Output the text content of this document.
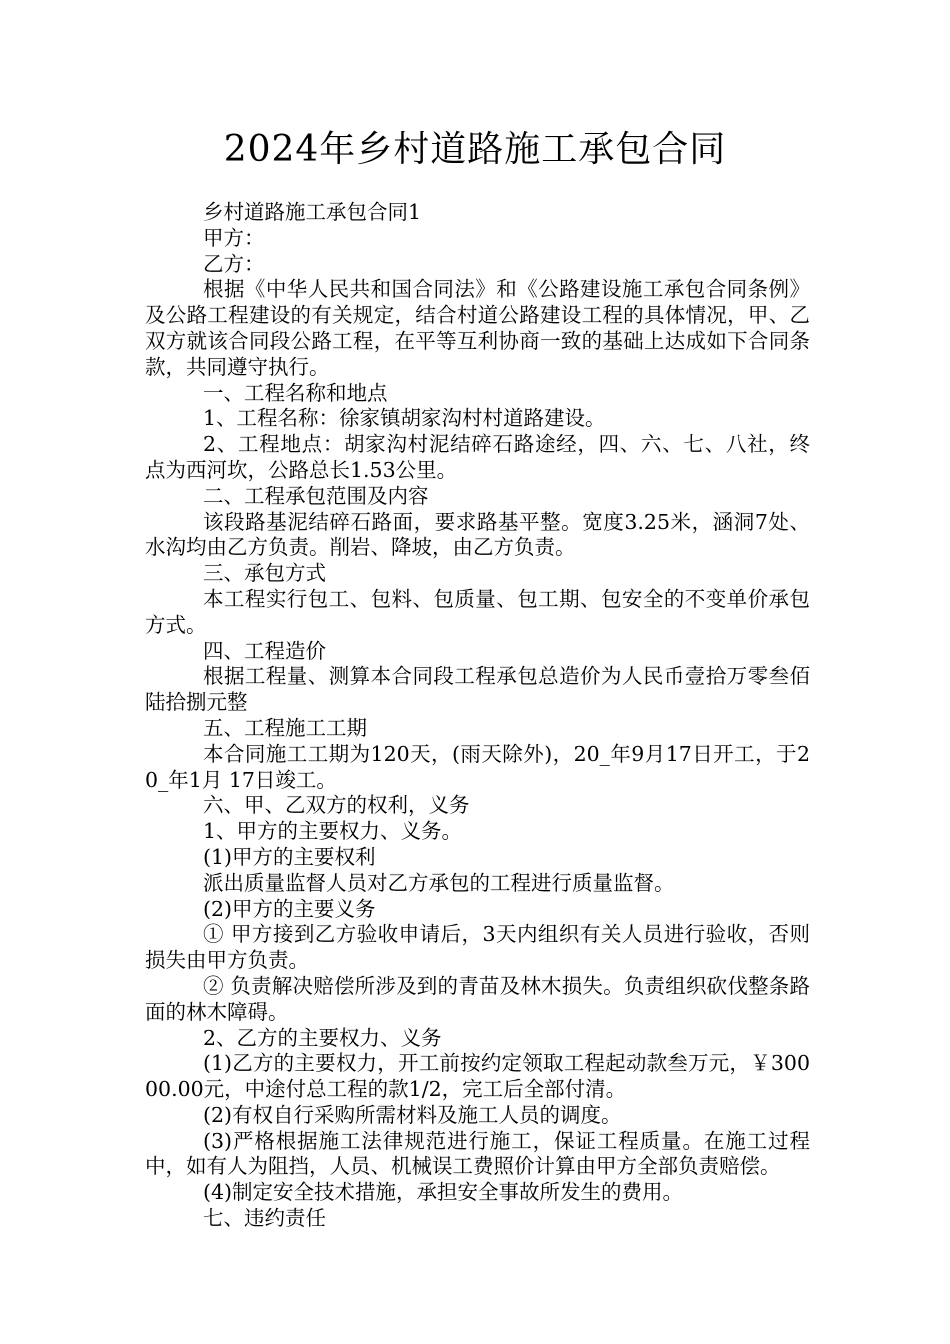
2024年乡村道路施工承包合同

乡村道路施工承包合同1

甲方：

乙方：

根据《中华人民共和国合同法》和《公路建设施工承包合同条例》及公路工程建设的有关规定，结合村道公路建设工程的具体情况，甲、乙双方就该合同段公路工程，在平等互利协商一致的基础上达成如下合同条款，共同遵守执行。

一、工程名称和地点

1、工程名称：徐家镇胡家沟村村道路建设。

2、工程地点：胡家沟村泥结碎石路途经，四、六、七、八社，终点为西河坎，公路总长1.53公里。

二、工程承包范围及内容

该段路基泥结碎石路面，要求路基平整。宽度3.25米，涵洞7处、水沟均由乙方负责。削岩、降坡，由乙方负责。

三、承包方式

本工程实行包工、包料、包质量、包工期、包安全的不变单价承包方式。

四、工程造价

根据工程量、测算本合同段工程承包总造价为人民币壹拾万零叁佰陆拾捌元整

五、工程施工工期

本合同施工工期为120天，(雨天除外)，20_年9月17日开工，于20_年1月 17日竣工。

六、甲、乙双方的权利，义务

1、甲方的主要权力、义务。

(1)甲方的主要权利

派出质量监督人员对乙方承包的工程进行质量监督。

(2)甲方的主要义务

① 甲方接到乙方验收申请后，3天内组织有关人员进行验收，否则损失由甲方负责。

② 负责解决赔偿所涉及到的青苗及林木损失。负责组织砍伐整条路面的林木障碍。

2、乙方的主要权力、义务

(1)乙方的主要权力，开工前按约定领取工程起动款叁万元，￥30000.00元，中途付总工程的款1/2，完工后全部付清。

(2)有权自行采购所需材料及施工人员的调度。

(3)严格根据施工法律规范进行施工，保证工程质量。在施工过程中，如有人为阻挡，人员、机械误工费照价计算由甲方全部负责赔偿。

(4)制定安全技术措施，承担安全事故所发生的费用。

七、违约责任
